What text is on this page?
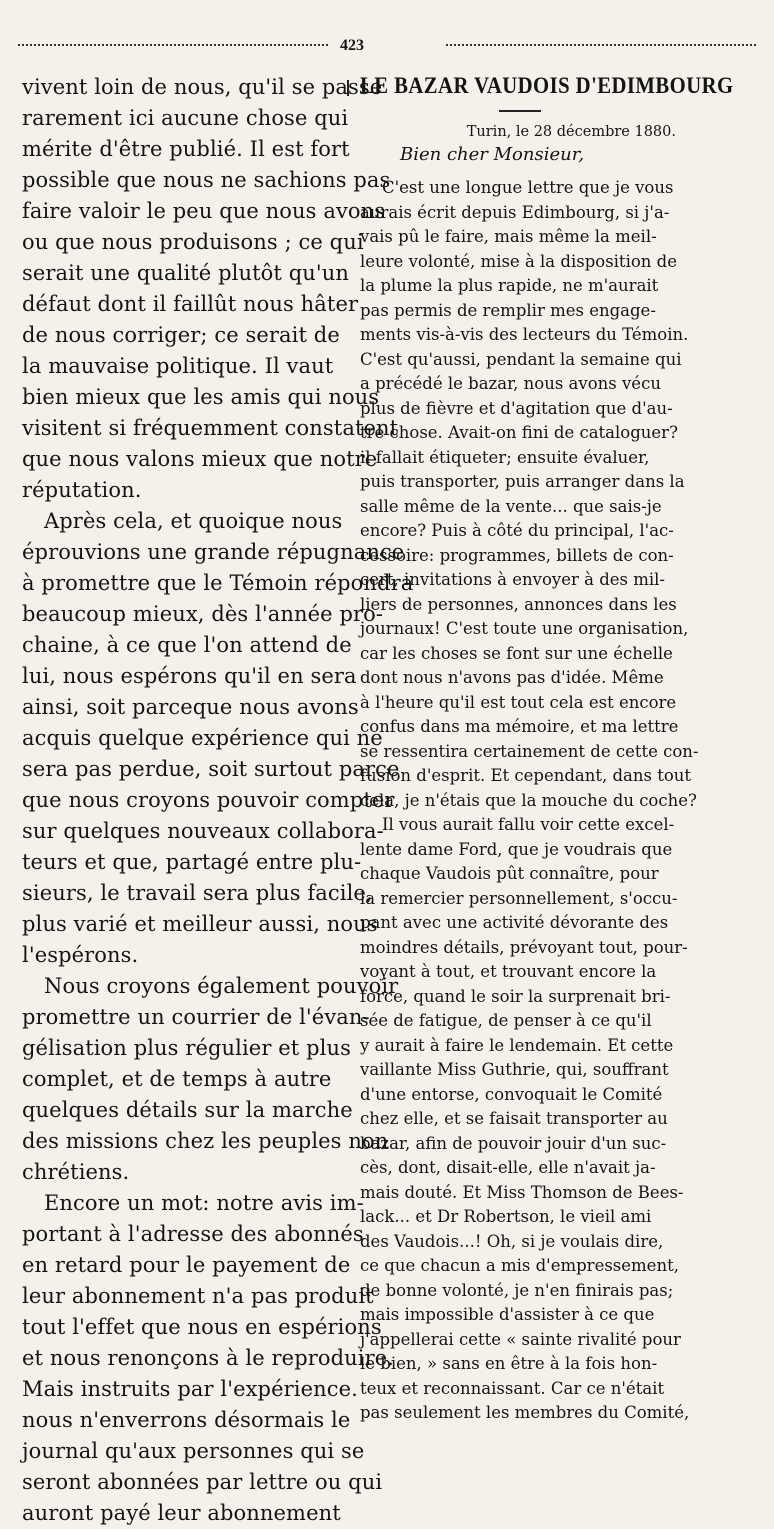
423
vivent loin de nous, qu'il se passe
rarement ici aucune chose qui
mérite d'être publié. Il est fort
possible que nous ne sachions pas
faire valoir le peu que nous avons
ou que nous produisons ; ce qui
serait une qualité plutôt qu'un
défaut dont il faillût nous hâter
de nous corriger; ce serait de
la mauvaise politique. Il vaut
bien mieux que les amis qui nous
visitent si fréquemment constatent
que nous valons mieux que notre
réputation.
Après cela, et quoique nous
éprouvions une grande répugnance
à promettre que le Témoin répondra
beaucoup mieux, dès l'année pro-
chaine, à ce que l'on attend de
lui, nous espérons qu'il en sera
ainsi, soit parceque nous avons
acquis quelque expérience qui ne
sera pas perdue, soit surtout parce
que nous croyons pouvoir compter
sur quelques nouveaux collabora-
teurs et que, partagé entre plu-
sieurs, le travail sera plus facile,
plus varié et meilleur aussi, nous
l'espérons.
Nous croyons également pouvoir
promettre un courrier de l'évan-
gélisation plus régulier et plus
complet, et de temps à autre
quelques détails sur la marche
des missions chez les peuples non
chrétiens.
Encore un mot: notre avis im-
portant à l'adresse des abonnés
en retard pour le payement de
leur abonnement n'a pas produit
tout l'effet que nous en espérions
et nous renonçons à le reproduire.
Mais instruits par l'expérience.
nous n'enverrons désormais le
journal qu'aux personnes qui se
seront abonnées par lettre ou qui
auront payé leur abonnement
LE BAZAR VAUDOIS D'EDIMBOURG
Turin, le 28 décembre 1880.
Bien cher Monsieur,
C'est une longue lettre que je vous
aurais écrit depuis Edimbourg, si j'a-
vais pû le faire, mais même la meil-
leure volonté, mise à la disposition de
la plume la plus rapide, ne m'aurait
pas permis de remplir mes engage-
ments vis-à-vis des lecteurs du Témoin.
C'est qu'aussi, pendant la semaine qui
a précédé le bazar, nous avons vécu
plus de fièvre et d'agitation que d'au-
tre chose. Avait-on fini de cataloguer?
il fallait étiqueter; ensuite évaluer,
puis transporter, puis arranger dans la
salle même de la vente... que sais-je
encore? Puis à côté du principal, l'ac-
cessoire: programmes, billets de con-
cert, invitations à envoyer à des mil-
liers de personnes, annonces dans les
journaux! C'est toute une organisation,
car les choses se font sur une échelle
dont nous n'avons pas d'idée. Même
à l'heure qu'il est tout cela est encore
confus dans ma mémoire, et ma lettre
se ressentira certainement de cette con-
fusion d'esprit. Et cependant, dans tout
cela, je n'étais que la mouche du coche?
Il vous aurait fallu voir cette excel-
lente dame Ford, que je voudrais que
chaque Vaudois pût connaître, pour
la remercier personnellement, s'occu-
pant avec une activité dévorante des
moindres détails, prévoyant tout, pour-
voyant à tout, et trouvant encore la
force, quand le soir la surprenait bri-
sée de fatigue, de penser à ce qu'il
y aurait à faire le lendemain. Et cette
vaillante Miss Guthrie, qui, souffrant
d'une entorse, convoquait le Comité
chez elle, et se faisait transporter au
bazar, afin de pouvoir jouir d'un suc-
cès, dont, disait-elle, elle n'avait ja-
mais douté. Et Miss Thomson de Bees-
lack... et Dr Robertson, le vieil ami
des Vaudois...! Oh, si je voulais dire,
ce que chacun a mis d'empressement,
de bonne volonté, je n'en finirais pas;
mais impossible d'assister à ce que
j'appellerai cette « sainte rivalité pour
le bien, » sans en être à la fois hon-
teux et reconnaissant. Car ce n'était
pas seulement les membres du Comité,
